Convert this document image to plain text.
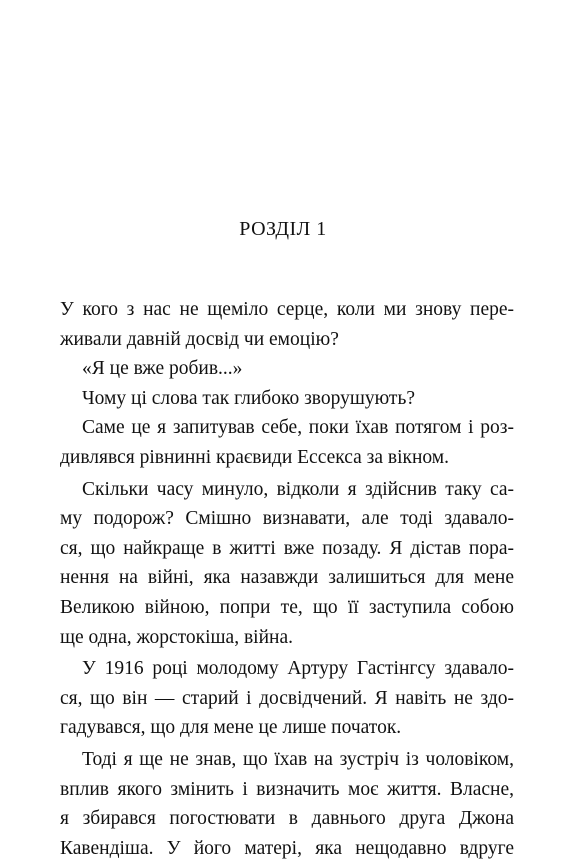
РОЗДІЛ 1
У кого з нас не щеміло серце, коли ми знову пере-
живали давній досвід чи емоцію?
«Я це вже робив...»
Чому ці слова так глибоко зворушують?
Саме це я запитував себе, поки їхав потягом і роз-
дивлявся рівнинні краєвиди Ессекса за вікном.
Скільки часу минуло, відколи я здійснив таку са-
му подорож? Смішно визнавати, але тоді здавало-
ся, що найкраще в житті вже позаду. Я дістав пора-
нення на війні, яка назавжди залишиться для мене
Великою війною, попри те, що її заступила собою
ще одна, жорстокіша, війна.
У 1916 році молодому Артуру Гастінгсу здавало-
ся, що він — старий і досвідчений. Я навіть не здо-
гадувався, що для мене це лише початок.
Тоді я ще не знав, що їхав на зустріч із чоловіком,
вплив якого змінить і визначить моє життя. Власне,
я збирався погостювати в давнього друга Джона
Кавендіша. У його матері, яка нещодавно вдруге
